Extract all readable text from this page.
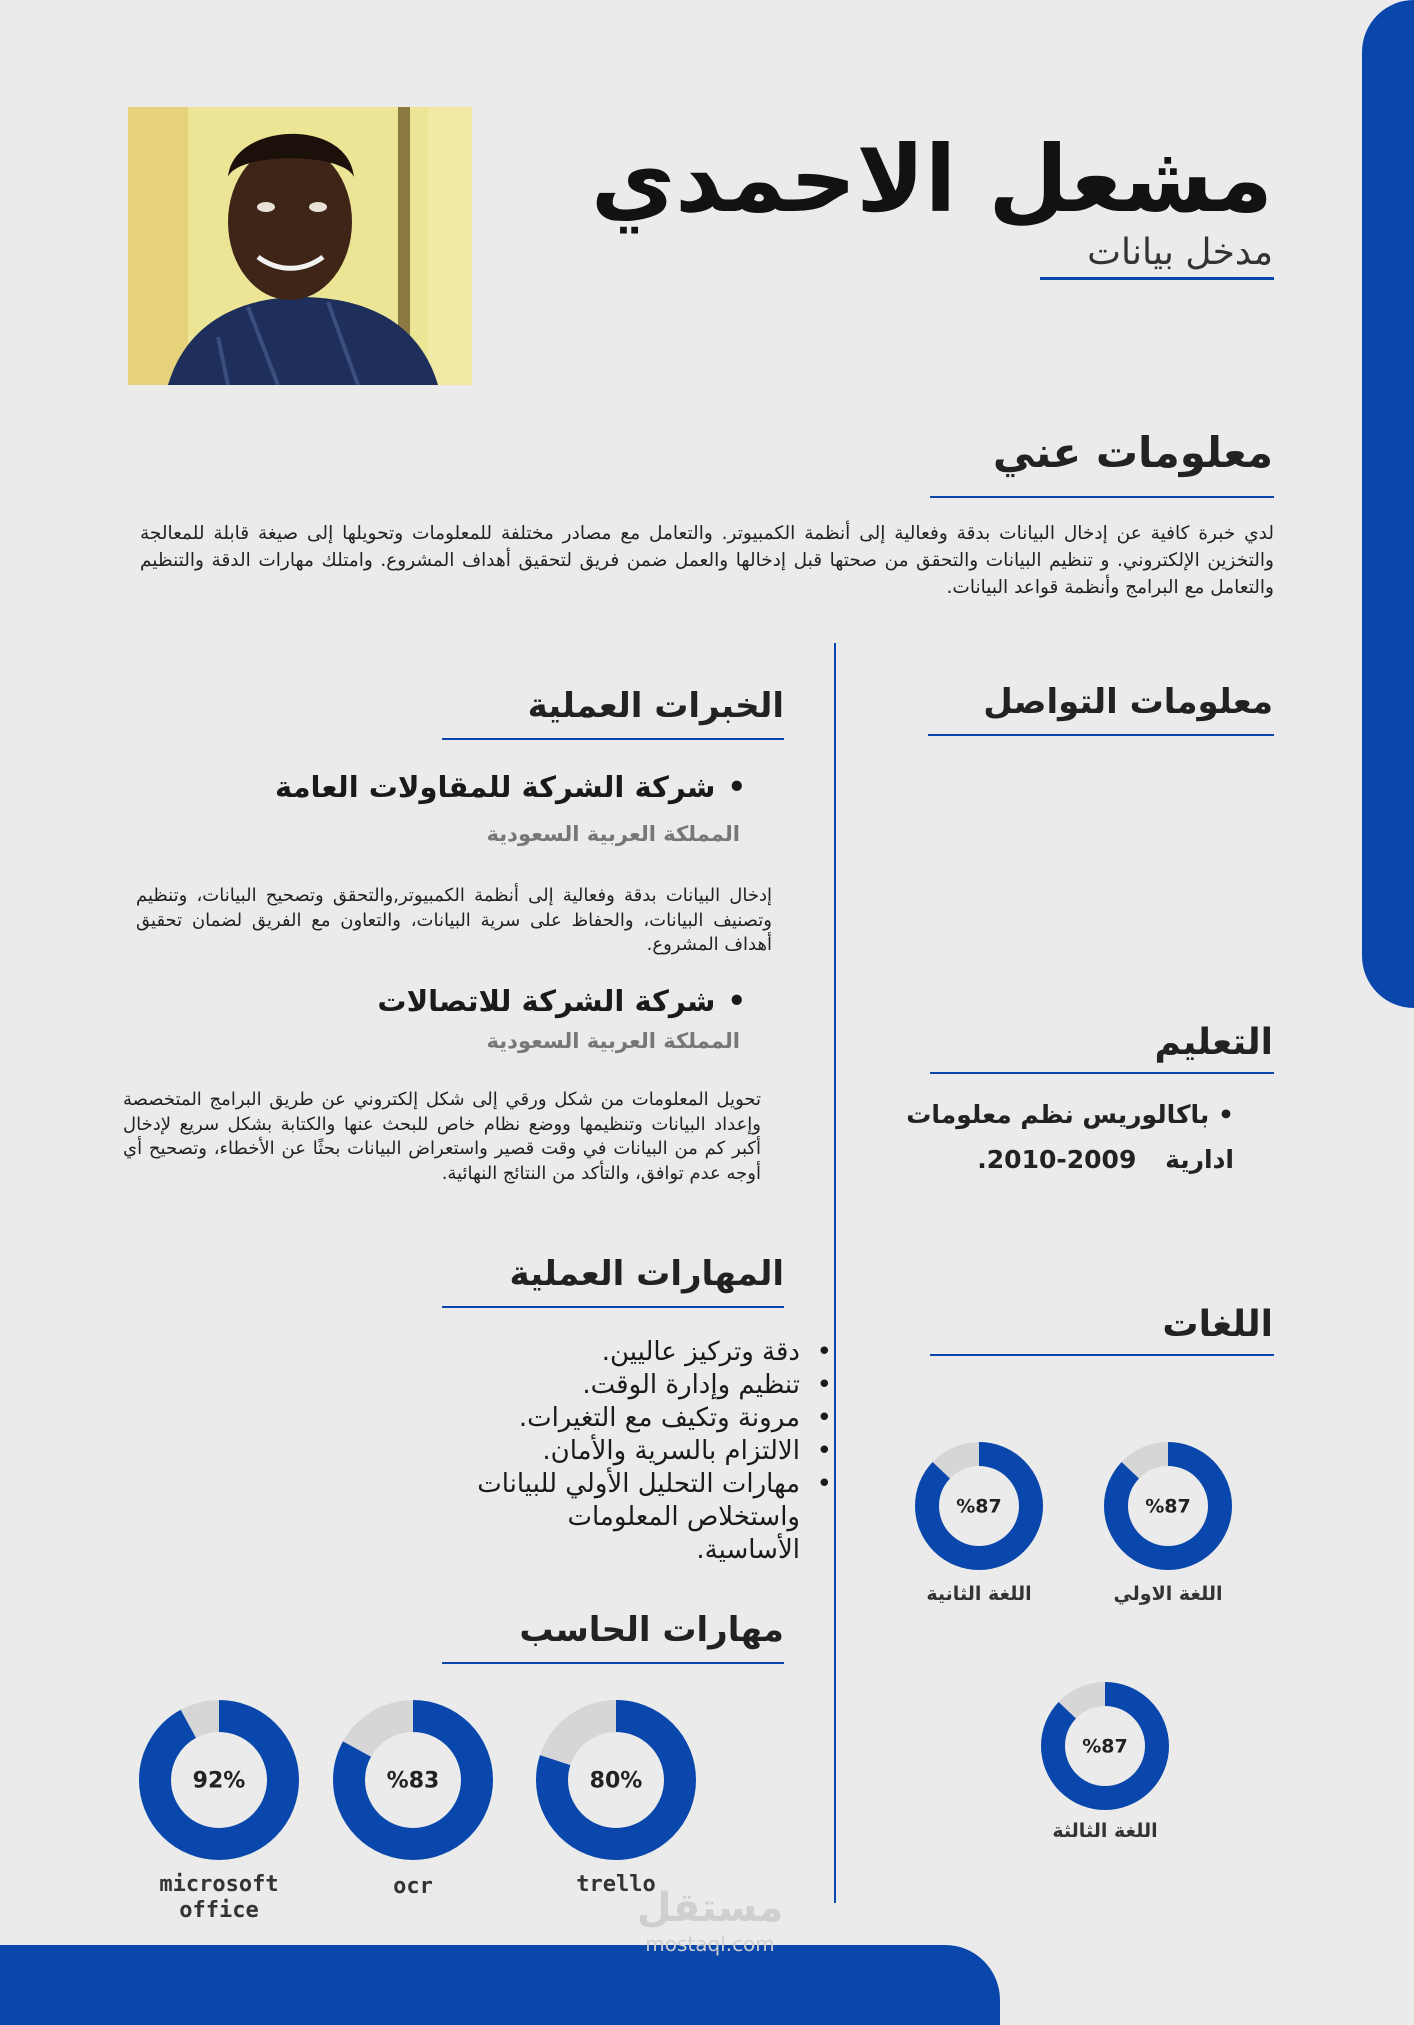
مشعل الاحمدي
مدخل بيانات
معلومات عني
لدي خبرة كافية عن إدخال البيانات بدقة وفعالية إلى أنظمة الكمبيوتر. والتعامل مع مصادر مختلفة للمعلومات وتحويلها إلى صيغة قابلة للمعالجة والتخزين الإلكتروني. و تنظيم البيانات والتحقق من صحتها قبل إدخالها والعمل ضمن فريق لتحقيق أهداف المشروع. وامتلك مهارات الدقة والتنظيم والتعامل مع البرامج وأنظمة قواعد البيانات.
معلومات التواصل
الخبرات العملية
•شركة الشركة للمقاولات العامة
المملكة العربية السعودية
إدخال البيانات بدقة وفعالية إلى أنظمة الكمبيوتر,والتحقق وتصحيح البيانات، وتنظيم وتصنيف البيانات، والحفاظ على سرية البيانات، والتعاون مع الفريق لضمان تحقيق أهداف المشروع.
•شركة الشركة للاتصالات
المملكة العربية السعودية
تحويل المعلومات من شكل ورقي إلى شكل إلكتروني عن طريق البرامج المتخصصة وإعداد البيانات وتنظيمها ووضع نظام خاص للبحث عنها والكتابة بشكل سريع لإدخال أكبر كم من البيانات في وقت قصير واستعراض البيانات بحثًا عن الأخطاء، وتصحيح أي أوجه عدم توافق، والتأكد من النتائج النهائية.
المهارات العملية
• دقة وتركيز عاليين.
• تنظيم وإدارة الوقت.
• مرونة وتكيف مع التغيرات.
• الالتزام بالسرية والأمان.
• مهارات التحليل الأولي للبيانات واستخلاص المعلومات الأساسية.
مهارات الحاسب
80%
trello
%83
ocr
92%
microsoft office
التعليم
• باكالوريس نظم معلومات ادارية 2009-2010.
اللغات
%87
اللغة الاولي
%87
اللغة الثانية
%87
اللغة الثالثة
مستقل
mostaql.com
